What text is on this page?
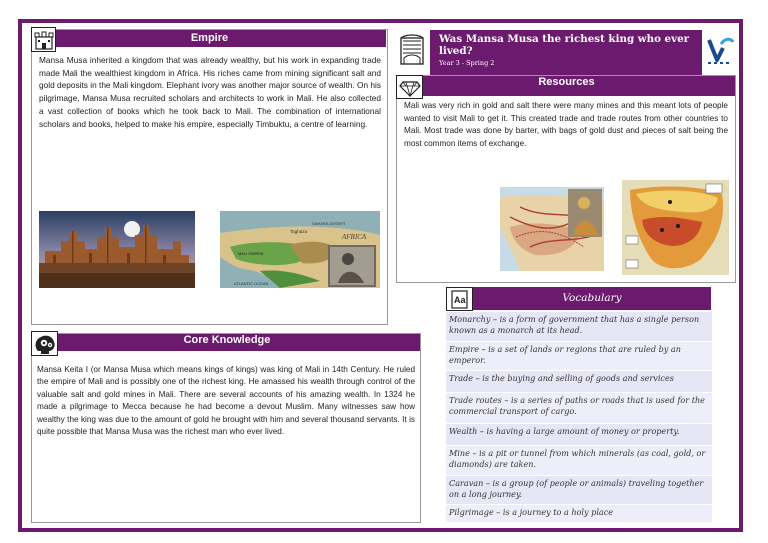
Empire
Mansa Musa inherited a kingdom that was already wealthy, but his work in expanding trade made Mali the wealthiest kingdom in Africa. His riches came from mining significant salt and gold deposits in the Mali kingdom. Elephant ivory was another major source of wealth. On his pilgrimage, Mansa Musa recruited scholars and architects to work in Mali. He also collected a vast collection of books which he took back to Mali. The combination of international scholars and books, helped to make his empire, especially Timbuktu, a centre of learning.
Taghaza
SAHARA DESERT
AFRICA
MALI EMPIRE
ATLANTIC OCEAN
Was Mansa Musa the richest king who ever lived?
Year 3 - Spring 2
Resources
Mali was very rich in gold and salt there were many mines and this meant lots of people wanted to visit Mali to get it. This created trade and trade routes from other countries to Mali. Most trade was done by barter, with bags of gold dust and pieces of salt being the most common items of exchange.
Core Knowledge
Mansa Keita I (or Mansa Musa which means kings of kings) was king of Mali in 14th Century. He ruled the empire of Mali and is possibly one of the richest king. He amassed his wealth through control of the valuable salt and gold mines in Mali. There are several accounts of his amazing wealth. In 1324 he made a pilgrimage to Mecca because he had become a devout Muslim. Many witnesses saw how wealthy the king was due to the amount of gold he brought with him and several thousand servants. It is quite possible that Mansa Musa was the richest man who ever lived.
Vocabulary
Aa
Monarchy – is a form of government that has a single person known as a monarch at its head.
Empire – is a set of lands or regions that are ruled by an emperor.
Trade – is the buying and selling of goods and services
Trade routes – is a series of paths or roads that is used for the commercial transport of cargo.
Wealth – is having a large amount of money or property.
Mine – is a pit or tunnel from which minerals (as coal, gold, or diamonds) are taken.
Caravan – is a group (of people or animals) traveling together on a long journey.
Pilgrimage – is a journey to a holy place
